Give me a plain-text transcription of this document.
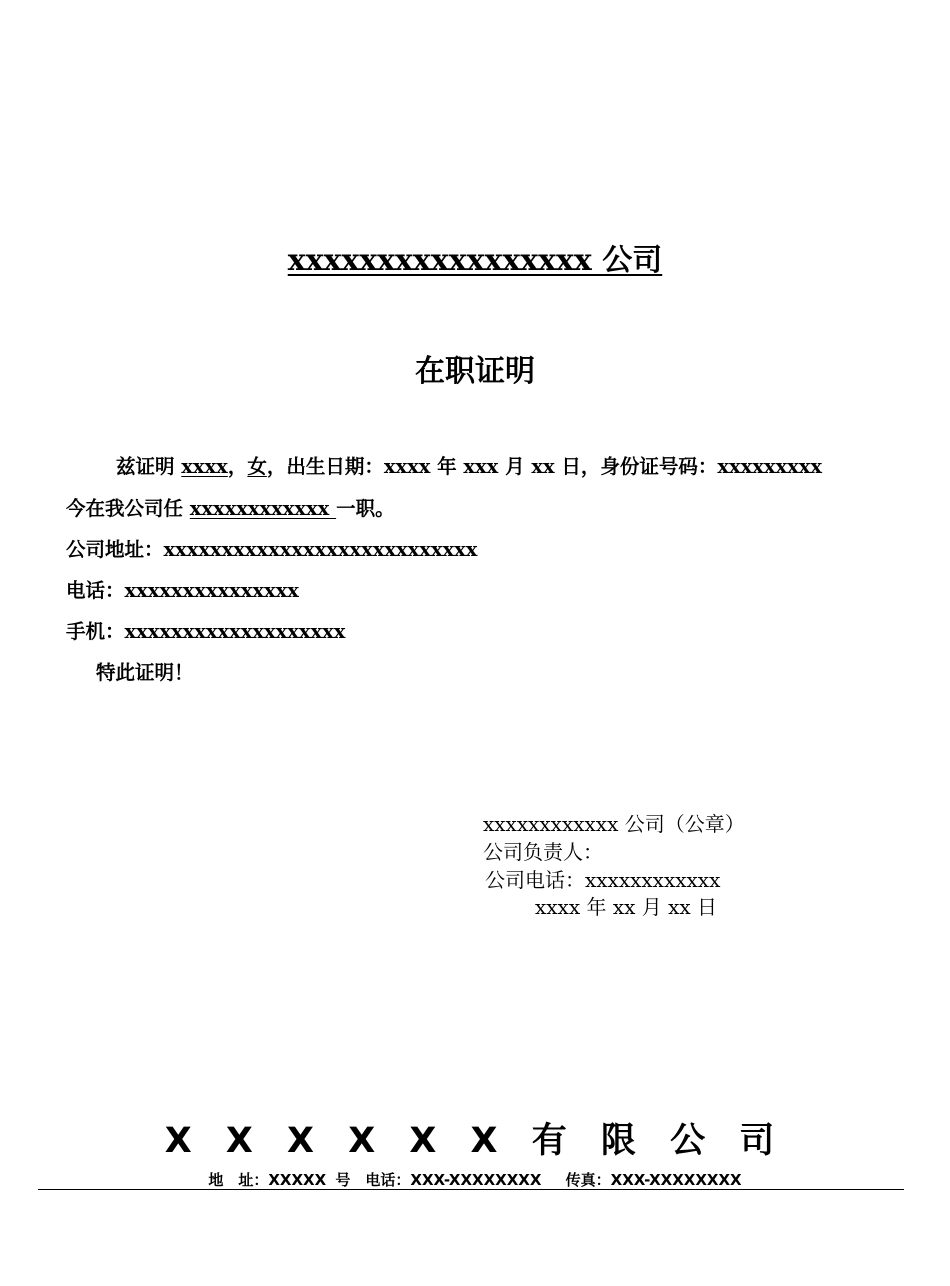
xxxxxxxxxxxxxxxxx 公司
在职证明
兹证明 xxxx，女，出生日期：xxxx 年 xxx 月 xx 日，身份证号码：xxxxxxxxx
今在我公司任 xxxxxxxxxxxx 一职。
公司地址：xxxxxxxxxxxxxxxxxxxxxxxxxxx
电话：xxxxxxxxxxxxxxx
手机：xxxxxxxxxxxxxxxxxxx
特此证明！
xxxxxxxxxxxx 公司（公章）
公司负责人：
公司电话：xxxxxxxxxxxx
xxxx 年 xx 月 xx 日
X X X X X X 有 限 公 司
地　址：XXXXX 号　电话：XXX-XXXXXXXX　 传真：XXX-XXXXXXXX
